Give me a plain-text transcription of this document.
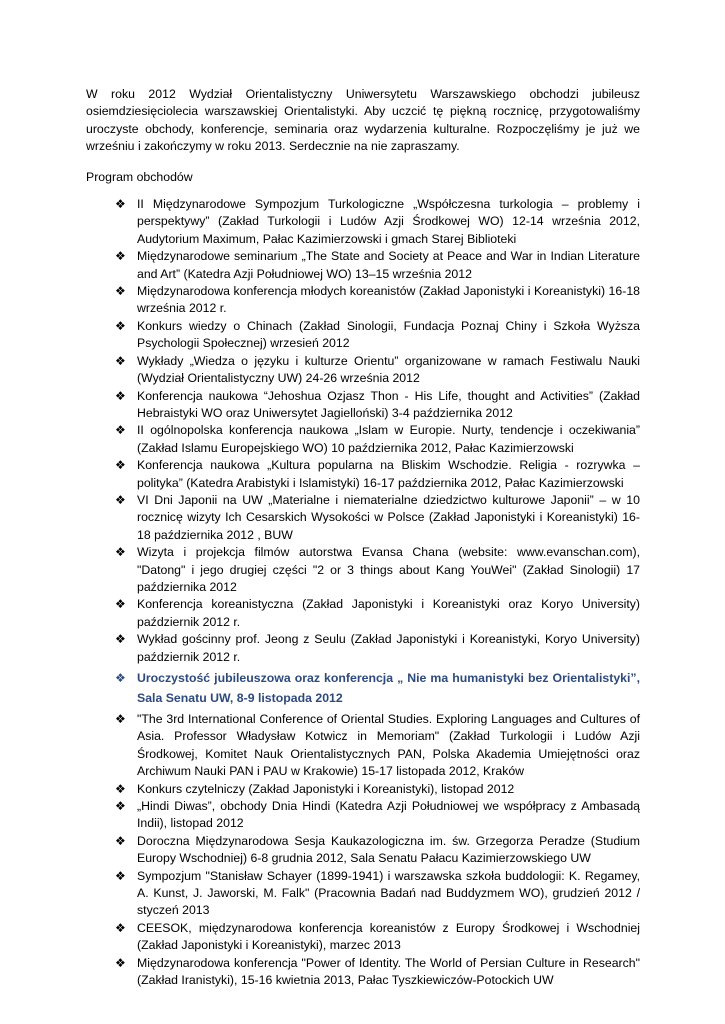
W roku 2012 Wydział Orientalistyczny Uniwersytetu Warszawskiego obchodzi jubileusz osiemdziesięciolecia warszawskiej Orientalistyki. Aby uczcić tę piękną rocznicę, przygotowaliśmy uroczyste obchody, konferencje, seminaria oraz wydarzenia kulturalne. Rozpoczęliśmy je już we wrześniu i zakończymy w roku 2013. Serdecznie na nie zapraszamy.

Program obchodów

❖ II Międzynarodowe Sympozjum Turkologiczne „Współczesna turkologia – problemy i perspektywy” (Zakład Turkologii i Ludów Azji Środkowej WO) 12-14 września 2012, Audytorium Maximum, Pałac Kazimierzowski i gmach Starej Biblioteki
❖ Międzynarodowe seminarium „The State and Society at Peace and War in Indian Literature and Art” (Katedra Azji Południowej WO) 13–15 września 2012
❖ Międzynarodowa konferencja młodych koreanistów (Zakład Japonistyki i Koreanistyki) 16-18 września 2012 r.
❖ Konkurs wiedzy o Chinach (Zakład Sinologii, Fundacja Poznaj Chiny i Szkoła Wyższa Psychologii Społecznej) wrzesień 2012
❖ Wykłady „Wiedza o języku i kulturze Orientu” organizowane w ramach Festiwalu Nauki (Wydział Orientalistyczny UW) 24-26 września 2012
❖ Konferencja naukowa “Jehoshua Ozjasz Thon - His Life, thought and Activities” (Zakład Hebraistyki WO oraz Uniwersytet Jagielloński) 3-4 października 2012
❖ II ogólnopolska konferencja naukowa „Islam w Europie. Nurty, tendencje i oczekiwania” (Zakład Islamu Europejskiego WO) 10 października 2012, Pałac Kazimierzowski
❖ Konferencja naukowa „Kultura popularna na Bliskim Wschodzie. Religia - rozrywka – polityka” (Katedra Arabistyki i Islamistyki) 16-17 października 2012, Pałac Kazimierzowski
❖ VI Dni Japonii na UW „Materialne i niematerialne dziedzictwo kulturowe Japonii” – w 10 rocznicę wizyty Ich Cesarskich Wysokości w Polsce (Zakład Japonistyki i Koreanistyki) 16-18 października 2012 , BUW
❖ Wizyta i projekcja filmów autorstwa Evansa Chana (website: www.evanschan.com), "Datong" i jego drugiej części "2 or 3 things about Kang YouWei" (Zakład Sinologii) 17 października 2012
❖ Konferencja koreanistyczna (Zakład Japonistyki i Koreanistyki oraz Koryo University) październik 2012 r.
❖ Wykład gościnny prof. Jeong z Seulu (Zakład Japonistyki i Koreanistyki, Koryo University) październik 2012 r.
❖ Uroczystość jubileuszowa oraz konferencja „ Nie ma humanistyki bez Orientalistyki”, Sala Senatu UW, 8-9 listopada 2012
❖ "The 3rd International Conference of Oriental Studies. Exploring Languages and Cultures of Asia. Professor Władysław Kotwicz in Memoriam" (Zakład Turkologii i Ludów Azji Środkowej, Komitet Nauk Orientalistycznych PAN, Polska Akademia Umiejętności oraz Archiwum Nauki PAN i PAU w Krakowie) 15-17 listopada 2012, Kraków
❖ Konkurs czytelniczy (Zakład Japonistyki i Koreanistyki), listopad 2012
❖ „Hindi Diwas”, obchody Dnia Hindi (Katedra Azji Południowej we współpracy z Ambasadą Indii), listopad 2012
❖ Doroczna Międzynarodowa Sesja Kaukazologiczna im. św. Grzegorza Peradze (Studium Europy Wschodniej) 6-8 grudnia 2012, Sala Senatu Pałacu Kazimierzowskiego UW
❖ Sympozjum "Stanisław Schayer (1899-1941) i warszawska szkoła buddologii: K. Regamey, A. Kunst, J. Jaworski, M. Falk" (Pracownia Badań nad Buddyzmem WO), grudzień 2012 / styczeń 2013
❖ CEESOK, międzynarodowa konferencja koreanistów z Europy Środkowej i Wschodniej (Zakład Japonistyki i Koreanistyki), marzec 2013
❖ Międzynarodowa konferencja "Power of Identity. The World of Persian Culture in Research" (Zakład Iranistyki), 15-16 kwietnia 2013, Pałac Tyszkiewiczów-Potockich UW
